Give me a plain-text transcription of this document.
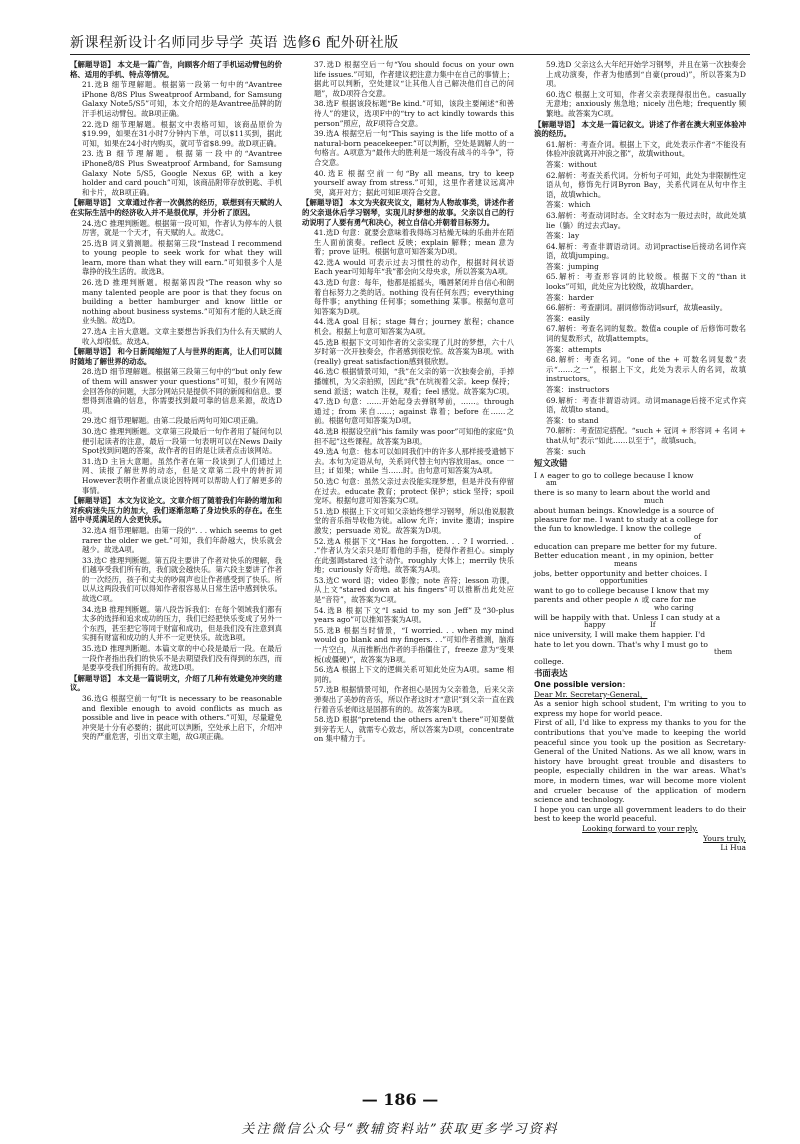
新课程新设计名师同步导学 英语 选修6 配外研社版

【解题导语】 本文是一篇广告，向顾客介绍了手机运动臂包的价格、适用的手机、特点等情况。

21.选B 细节理解题。根据第一段第一句中的“Avantree iPhone 8/8S Plus Sweatproof Armband, for Samsung Galaxy Note5/S5”可知，本文介绍的是Avantree品牌的防汗手机运动臂包。故B项正确。

22.选D 细节理解题。根据文中表格可知，该商品原价为$19.99，如果在31小时7分钟内下单，可以$11买到，据此可知，如果在24小时内购买，就可节省$8.99。故D项正确。

23.选B 细节理解题。根据第一段中的“Avantree iPhone8/8S Plus Sweatproof Armband, for Samsung Galaxy Note 5/S5, Google Nexus 6P, with a key holder and card pouch”可知，该商品附带存放钥匙、手机和卡片，故B项正确。

【解题导语】 文章通过作者一次偶然的经历，联想到有天赋的人在实际生活中的经济收入并不是很优厚，并分析了原因。

24.选C 推理判断题。根据第一段可知，作者认为停车的人很厉害，就是一个天才，有天赋的人。故选C。

25.选B 词义猜测题。根据第三段“Instead I recommend to young people to seek work for what they will learn, more than what they will earn.”可知很多个人是靠挣的钱生活的。故选B。

26.选D 推理判断题。根据第四段“The reason why so many talented people are poor is that they focus on building a better hamburger and know little or nothing about business systems.”可知有才能的人缺乏商业头脑。故选D。

27.选A 主旨大意题。文章主要想告诉我们为什么有天赋的人收入却很低。故选A。

【解题导语】 和今日新闻缩短了人与世界的距离，让人们可以随时随地了解世界的动态。

28.选D 细节理解题。根据第三段第三句中的“but only few of them will answer your questions”可知，很少有网站会回答你的问题，大部分网站只是提供不同的新闻和信息。要想得到准确的信息，你需要找到最可靠的信息来源，故选D项。

29.选C 细节理解题。由第二段最后两句可知C项正确。

30.选C 推理判断题。文章第三段最后一句作者用了疑问句以便引起读者的注意，最后一段第一句表明可以在News Daily Spot找到问题的答案，故作者的目的是让读者点击该网站。

31.选D 主旨大意题。虽然作者在第一段谈到了人们通过上网、读报了解世界的动态，但是文章第二段中的转折词However表明作者重点谈论因特网可以帮助人们了解更多的事情。

【解题导语】 本文为议论文。文章介绍了随着我们年龄的增加和对疾病迷失压力的加大，我们逐渐忽略了身边快乐的存在。在生活中寻觅满足的人会更快乐。

32.选A 细节理解题。由第一段的“. . . which seems to get rarer the older we get.”可知，我们年龄越大，快乐就会越少。故选A项。

33.选C 推理判断题。第五段主要讲了作者对快乐的理解，我们越享受我们所有的，我们就会越快乐。第六段主要讲了作者的一次经历，孩子和丈夫的吵闹声也让作者感受到了快乐。所以从这两段我们可以得知作者很容易从日常生活中感到快乐。故选C项。

34.选B 推理判断题。第八段告诉我们：在每个领域我们都有太多的选择和追求成功的压力，我们已经把快乐变成了另外一个东西，甚至把它等同于财富和成功，但是我们没有注意到真实拥有财富和成功的人并不一定更快乐。故选B项。

35.选D 推理判断题。本篇文章的中心段是最后一段。在最后一段作者指出我们的快乐不是去期望我们没有得到的东西，而是要享受我们所拥有的。故选D项。

【解题导语】 本文是一篇说明文，介绍了几种有效避免冲突的建议。

36.选G 根据空前一句“It is necessary to be reasonable and flexible enough to avoid conflicts as much as possible and live in peace with others.”可知，尽量避免冲突是十分有必要的；据此可以判断，空处承上启下，介绍冲突的严重危害，引出文章主题，故G项正确。

37.选D 根据空后一句“You should focus on your own life issues.”可知，作者建议把注意力集中在自己的事情上；据此可以判断，空处建议“让其他人自己解决他们自己的问题”，故D项符合交意。

38.选F 根据该段标题“Be kind.”可知，该段主要阐述“和善待人”的建议，选项F中的“try to act kindly towards this person”照应，故F项符合交意。

39.选A 根据空后一句“This saying is the life motto of a natural-born peacekeeper.”可以判断，空处是调解人的一句格言。A项意为“最伟大的胜利是一场没有战斗的斗争”，符合交意。

40.选E 根据空前一句“By all means, try to keep yourself away from stress.”可知，这里作者建议远离冲突，离开对方；据此可知E项符合交意。

【解题导语】 本文为夹叙夹议文，题材为人物故事类，讲述作者的父亲退休后学习钢琴，实现儿时梦想的故事。父亲以自己的行动说明了人要有勇气和决心，树立自信心并朝着目标努力。

41.选D 句意：就要会意味着我得练习枯燥无味的乐曲并在陌生人面前演奏。reflect 反映；explain 解释；mean 意为着；prove 证明。根据句意可知答案为D项。

42.选A would 可表示过去习惯性的动作，根据时间状语Each year可知每年“我”都会向父母央求，所以答案为A项。

43.选D 句意：每年，他都是摇摇头，嘴唇紧闭并自信心和朗着自标努力之类的话。nothing 没有任何东西；everything 每件事；anything 任何事；something 某事。根据句意可知答案为D项。

44.选A goal 目标；stage 舞台；journey 旅程；chance 机会。根据上句意可知答案为A项。

45.选B 根据下文可知作者的父亲实现了儿时的梦想，六十八岁时第一次开独奏会，作者感到很吃惊。故答案为B项。with (really) great satisfaction感到很欣慰。

46.选C 根据情景可知，“我”在父亲的第一次独奏会前，手掉播缠机，为父亲拍照，因此“我”在坑视着父亲。keep 保持；send 派送；watch 注视，观看；feel 感觉。故答案为C项。

47.选D 句意：……开始起身去弹钢琴前，……。through 通过；from 来自……；against 靠着；before 在……之前。根据句意可知答案为D项。

48.选B 根据设空前“his family was poor”可知他的家庭“负担不起”这些课程。故答案为B项。

49.选A 句意：他本可以如同我们中的许多人那样接受遗憾下去。本句为定语从句，关系词代替主句内容放用as。once 一旦；if 如果；while 当……时。由句意可知答案为A项。

50.选C 句意：虽然父亲过去没能实现梦想，但是并没有停留在过去。educate 教育；protect 保护；stick 坚持；spoil 宠坏。根据句意可知答案为C项。

51.选D 根据上下文可知父亲始终想学习钢琴，所以他说服教堂的音乐指导收他为徒。allow 允许；invite 邀请；inspire 激发；persuade 劝说。故答案为D项。

52.选A 根据下文“Has he forgotten. . . ? I worried. . .”作者认为父亲只是盯着他的手指，使得作者担心。simply 在此强调stared 这个动作。roughly 大体上；merrily 快乐地；curiously 好奇地。故答案为A项。

53.选C word 语；video 影像；note 音符；lesson 功课。从上文“stared down at his fingers”可以推断出此处应是“音符”，故答案为C项。

54.选B 根据下文“I said to my son Jeff”及“30-plus years ago”可以推知答案为A项。

55.选B 根据当时情景，“I worried. . . when my mind would go blank and my fingers. . .”可知作者推测，脑海一片空白，从而推断出作者的手指僵住了，freeze 意为“变果板(或僵硬)”，故答案为B项。

56.选A 根据上下文的逻辑关系可知此处应为A项。same 相同的。

57.选B 根据情景可知，作者担心是因为父亲着急，后来父亲弹奏出了美妙的音乐，所以作者这时才“意识”到父亲一直在践行着音乐老师这是国都有的的。故答案为B项。

58.选D 根据“pretend the others aren't there”可知要做到旁若无人，就需专心致志，所以答案为D项，concentrate on 集中精力于。

59.选D 父亲这么大年纪开始学习钢琴，并且在第一次独奏会上成功演奏，作者为他感到“自豪(proud)”，所以答案为D项。

60.选C 根据上文可知，作者父亲表现得很出色。casually 无意地；anxiously 焦急地；nicely 出色地；frequently 频繁地。故答案为C项。

【解题导语】 本文是一篇记叙文。讲述了作者在澳大利亚体验冲浪的经历。

61.解析：考查介词。根据上下文，此处表示作者“不能没有体验冲浪就离开冲浪之都”，故填without。

答案：without

62.解析：考查关系代词。分析句子可知，此处为非限制性定语从句，修饰先行词Byron Bay，关系代词在从句中作主语，故填which。

答案：which

63.解析：考查动词时态。全文时态为一般过去时，故此处填lie（躺）的过去式lay。

答案：lay

64.解析：考查非谓语动词。动词practise后接动名词作宾语，故填jumping。

答案：jumping

65.解析：考查形容词的比较级。根据下文的“than it looks”可知，此处应为比较级，故填harder。

答案：harder

66.解析：考查副词。副词修饰动词surf，故填easily。

答案：easily

67.解析：考查名词的复数。数值a couple of 后修饰可数名词的复数形式，故填attempts。

答案：attempts

68.解析：考查名词。“one of the + 可数名词复数”表示“……之一”，根据上下文，此处为表示人的名词，故填instructors。

答案：instructors

69.解析：考查非谓语动词。动词manage后接不定式作宾语，故填to stand。

答案：to stand

70.解析：考查固定搭配。“such + 冠词 + 形容词 + 名词 + that从句”表示“如此……以至于”，故填such。

答案：such

短文改错

I ∧ eager to go to college because I know

am

there is so many to learn about the world and

much

about human beings. Knowledge is a source of

pleasure for me. I want to study at a college for

the fun to knowledge. I know the college

of

education can prepare me better for my future.

Better education meant , in my opinion, better

means

jobs, better opportunity and better choices. I

opportunities

want to go to college because I know that my

parents and other people ∧ 或 care for me

who caring

will be happily with that. Unless I can study at a

happy                    If

nice university, I will make them happier. I'd

hate to let you down. That's why I must go to

them

college.

书面表达

One possible version：

Dear Mr. Secretary-General，

As a senior high school student, I'm writing to you to express my hope for world peace.

First of all, I'd like to express my thanks to you for the contributions that you've made to keeping the world peaceful since you took up the position as Secretary-General of the United Nations. As we all know, wars in history have brought great trouble and disasters to people, especially children in the war areas. What's more, in modern times, war will become more violent and crueler because of the application of modern science and technology.

I hope you can urge all government leaders to do their best to keep the world peaceful.

Looking forward to your reply.

Yours truly,

Li Hua

— 186 —
关注微信公众号“教辅资料站”获取更多学习资料
